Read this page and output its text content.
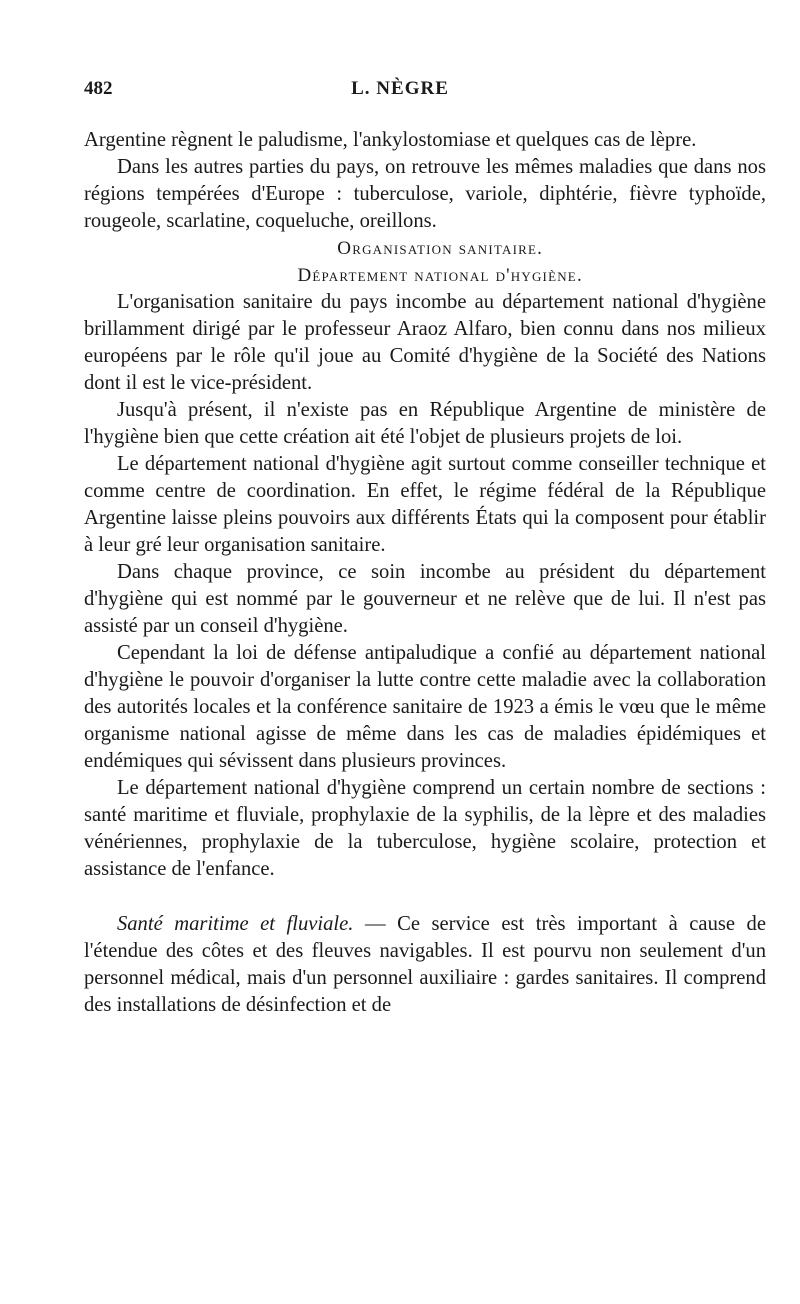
482	L. NÈGRE

Argentine règnent le paludisme, l'ankylostomiase et quelques cas de lèpre.

Dans les autres parties du pays, on retrouve les mêmes maladies que dans nos régions tempérées d'Europe : tuberculose, variole, diphtérie, fièvre typhoïde, rougeole, scarlatine, coqueluche, oreillons.

Organisation sanitaire.

Département national d'hygiène.

L'organisation sanitaire du pays incombe au département national d'hygiène brillamment dirigé par le professeur Araoz Alfaro, bien connu dans nos milieux européens par le rôle qu'il joue au Comité d'hygiène de la Société des Nations dont il est le vice-président.

Jusqu'à présent, il n'existe pas en République Argentine de ministère de l'hygiène bien que cette création ait été l'objet de plusieurs projets de loi.

Le département national d'hygiène agit surtout comme conseiller technique et comme centre de coordination. En effet, le régime fédéral de la République Argentine laisse pleins pouvoirs aux différents États qui la composent pour établir à leur gré leur organisation sanitaire.

Dans chaque province, ce soin incombe au président du département d'hygiène qui est nommé par le gouverneur et ne relève que de lui. Il n'est pas assisté par un conseil d'hygiène.

Cependant la loi de défense antipaludique a confié au département national d'hygiène le pouvoir d'organiser la lutte contre cette maladie avec la collaboration des autorités locales et la conférence sanitaire de 1923 a émis le vœu que le même organisme national agisse de même dans les cas de maladies épidémiques et endémiques qui sévissent dans plusieurs provinces.

Le département national d'hygiène comprend un certain nombre de sections : santé maritime et fluviale, prophylaxie de la syphilis, de la lèpre et des maladies vénériennes, prophylaxie de la tuberculose, hygiène scolaire, protection et assistance de l'enfance.

Santé maritime et fluviale. — Ce service est très important à cause de l'étendue des côtes et des fleuves navigables. Il est pourvu non seulement d'un personnel médical, mais d'un personnel auxiliaire : gardes sanitaires. Il comprend des installations de désinfection et de
